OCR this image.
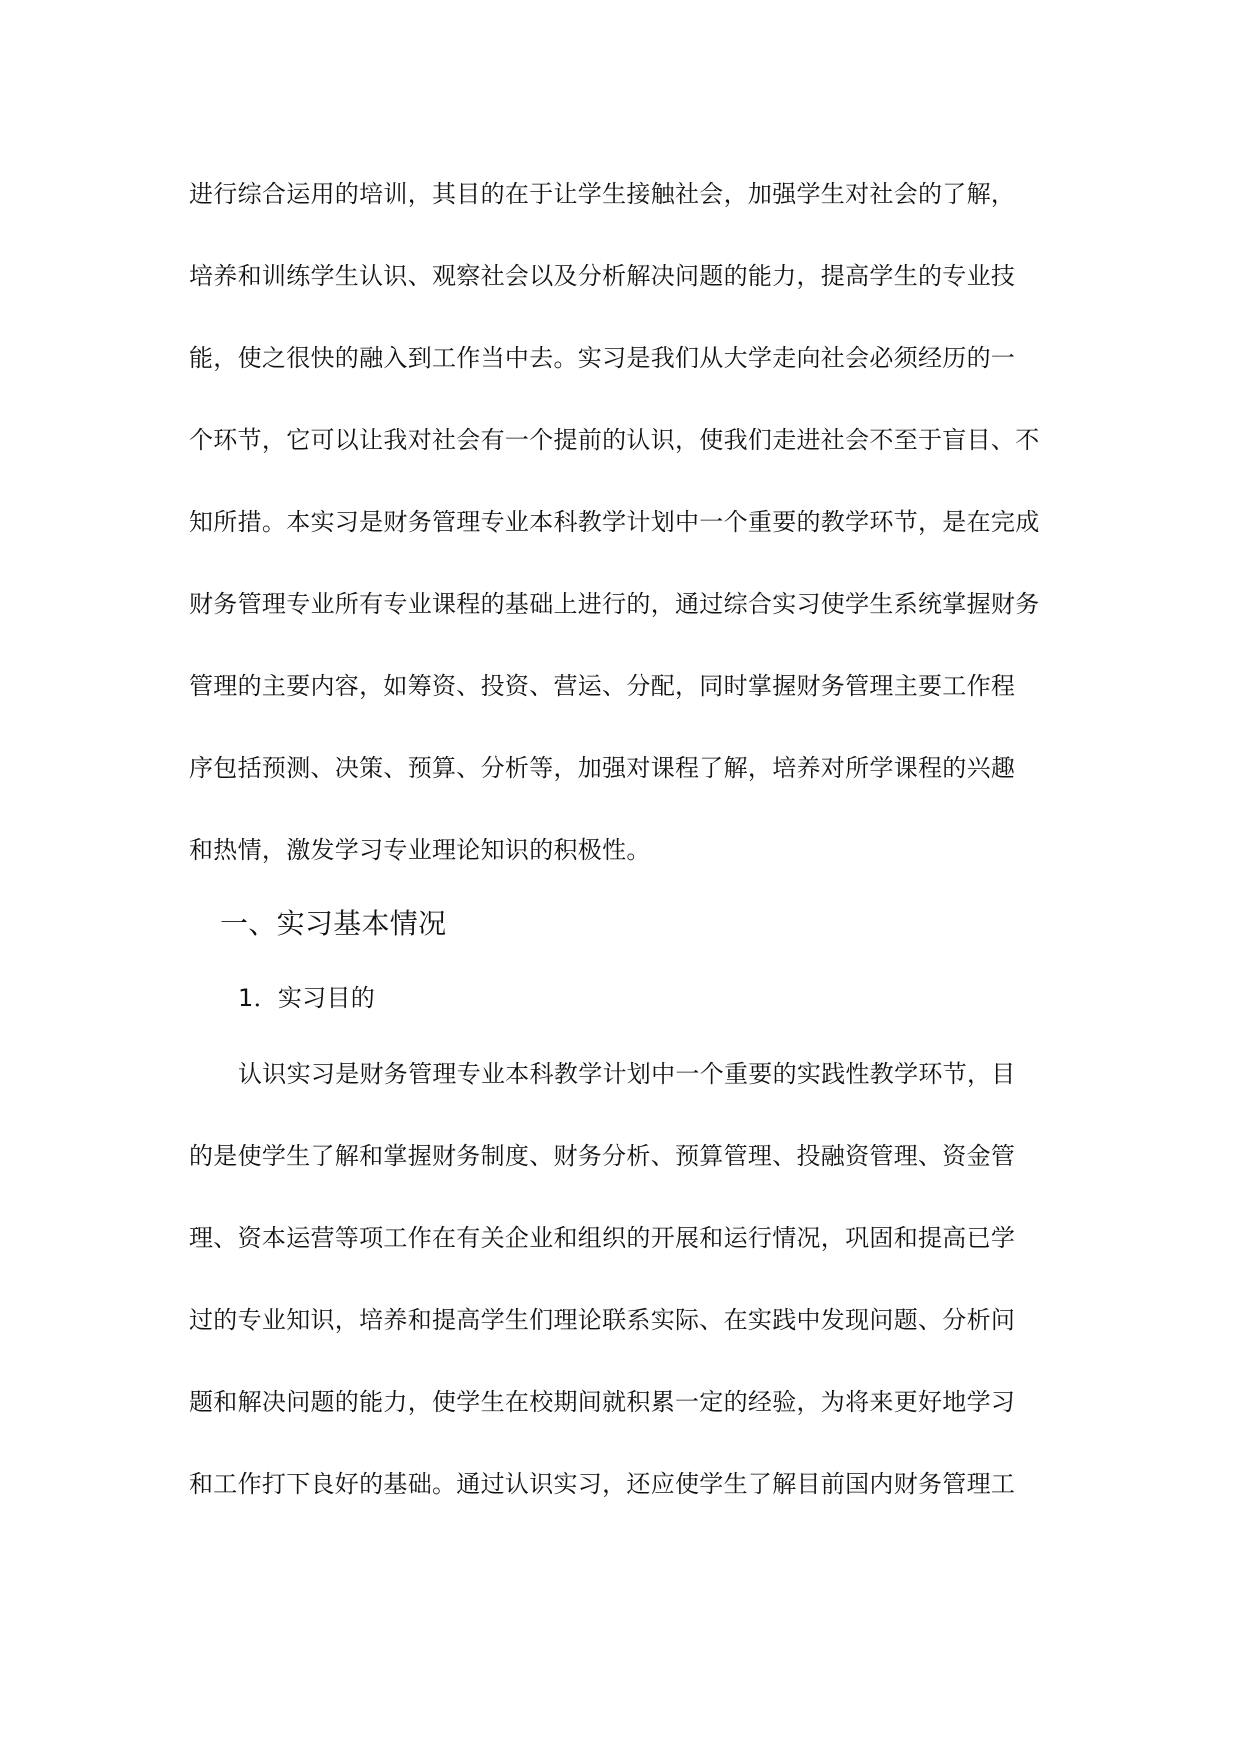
进行综合运用的培训，其目的在于让学生接触社会，加强学生对社会的了解，

培养和训练学生认识、观察社会以及分析解决问题的能力，提高学生的专业技

能，使之很快的融入到工作当中去。实习是我们从大学走向社会必须经历的一

个环节，它可以让我对社会有一个提前的认识，使我们走进社会不至于盲目、不

知所措。本实习是财务管理专业本科教学计划中一个重要的教学环节，是在完成

财务管理专业所有专业课程的基础上进行的，通过综合实习使学生系统掌握财务

管理的主要内容，如筹资、投资、营运、分配，同时掌握财务管理主要工作程

序包括预测、决策、预算、分析等，加强对课程了解，培养对所学课程的兴趣

和热情，激发学习专业理论知识的积极性。

一、实习基本情况

1．实习目的

认识实习是财务管理专业本科教学计划中一个重要的实践性教学环节，目

的是使学生了解和掌握财务制度、财务分析、预算管理、投融资管理、资金管

理、资本运营等项工作在有关企业和组织的开展和运行情况，巩固和提高已学

过的专业知识，培养和提高学生们理论联系实际、在实践中发现问题、分析问

题和解决问题的能力，使学生在校期间就积累一定的经验，为将来更好地学习

和工作打下良好的基础。通过认识实习，还应使学生了解目前国内财务管理工
